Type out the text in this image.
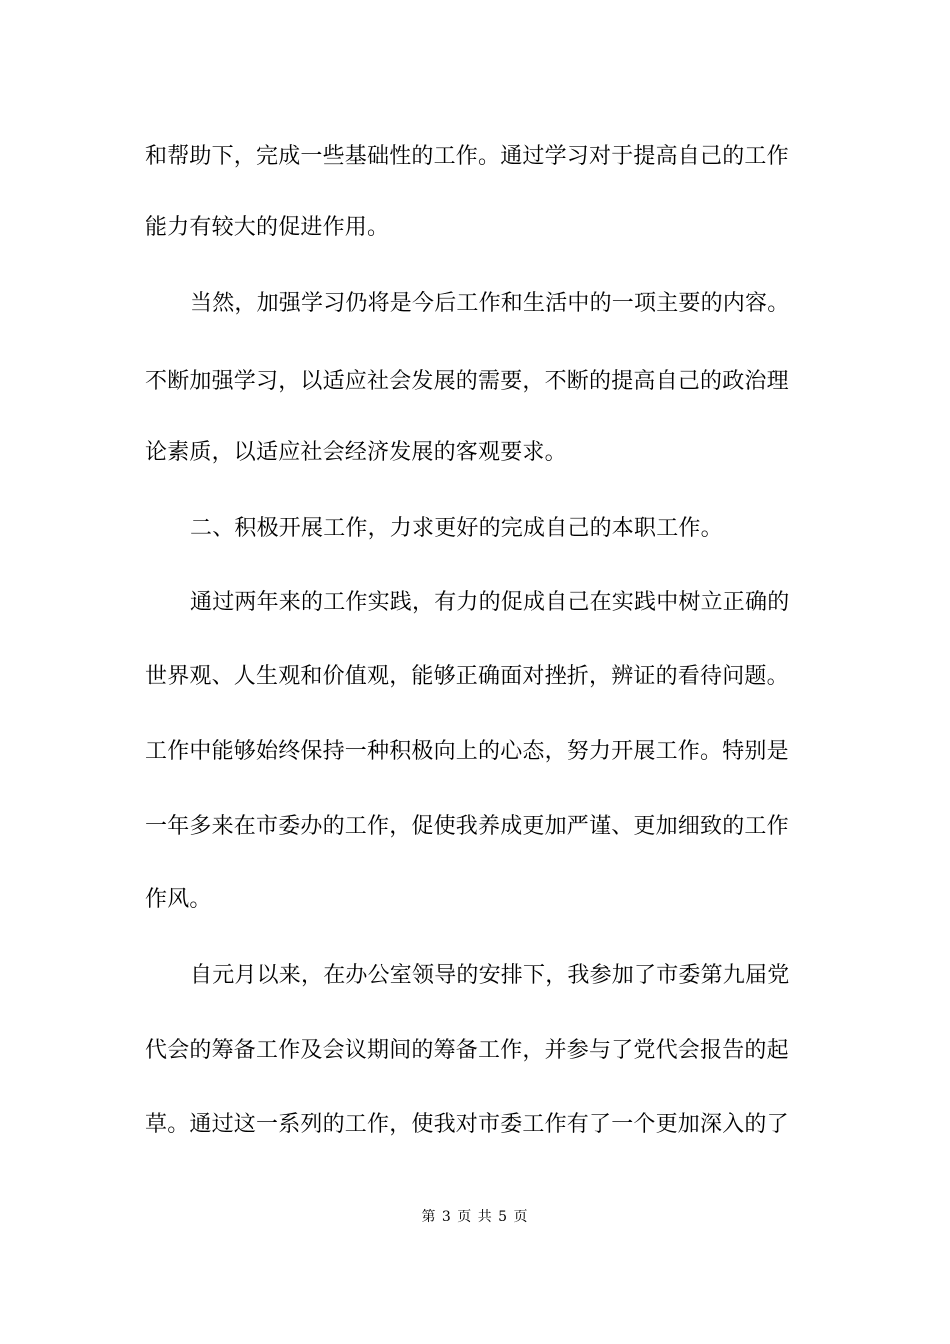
和帮助下，完成一些基础性的工作。通过学习对于提高自己的工作
能力有较大的促进作用。
当然，加强学习仍将是今后工作和生活中的一项主要的内容。
不断加强学习，以适应社会发展的需要，不断的提高自己的政治理
论素质，以适应社会经济发展的客观要求。
二、积极开展工作，力求更好的完成自己的本职工作。
通过两年来的工作实践，有力的促成自己在实践中树立正确的
世界观、人生观和价值观，能够正确面对挫折，辨证的看待问题。
工作中能够始终保持一种积极向上的心态，努力开展工作。特别是
一年多来在市委办的工作，促使我养成更加严谨、更加细致的工作
作风。
自元月以来，在办公室领导的安排下，我参加了市委第九届党
代会的筹备工作及会议期间的筹备工作，并参与了党代会报告的起
草。通过这一系列的工作，使我对市委工作有了一个更加深入的了
第 3 页 共 5 页
